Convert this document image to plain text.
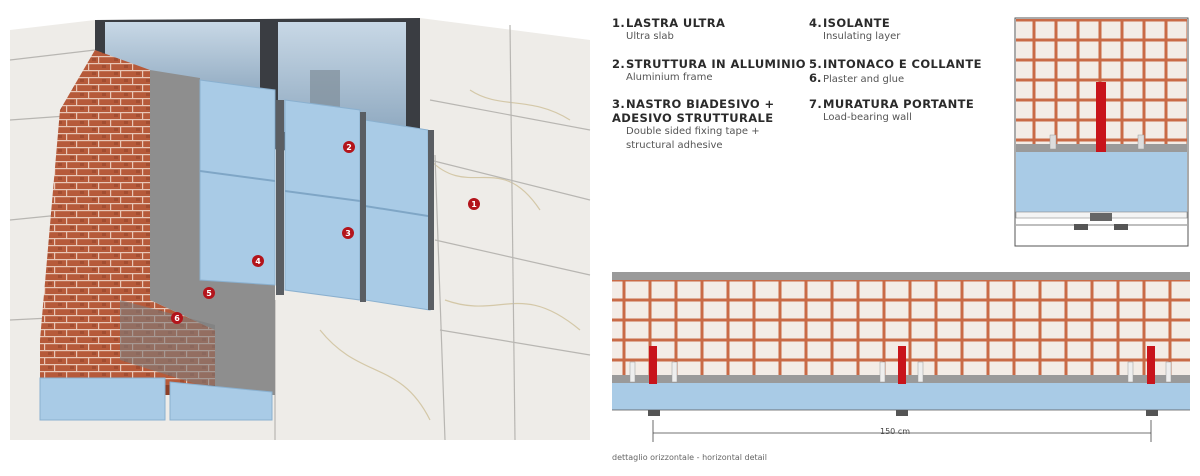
1
2
3
4
5
6
150 cm
1.LASTRA ULTRA
Ultra slab
2.STRUTTURA IN ALLUMINIO
Aluminium frame
3.NASTRO BIADESIVO + ADESIVO STRUTTURALE
Double sided fixing tape + structural adhesive
4.ISOLANTE
Insulating layer
5.INTONACO E COLLANTE
6. Plaster and glue
7.MURATURA PORTANTE
Load-bearing wall
dettaglio orizzontale - horizontal detail
